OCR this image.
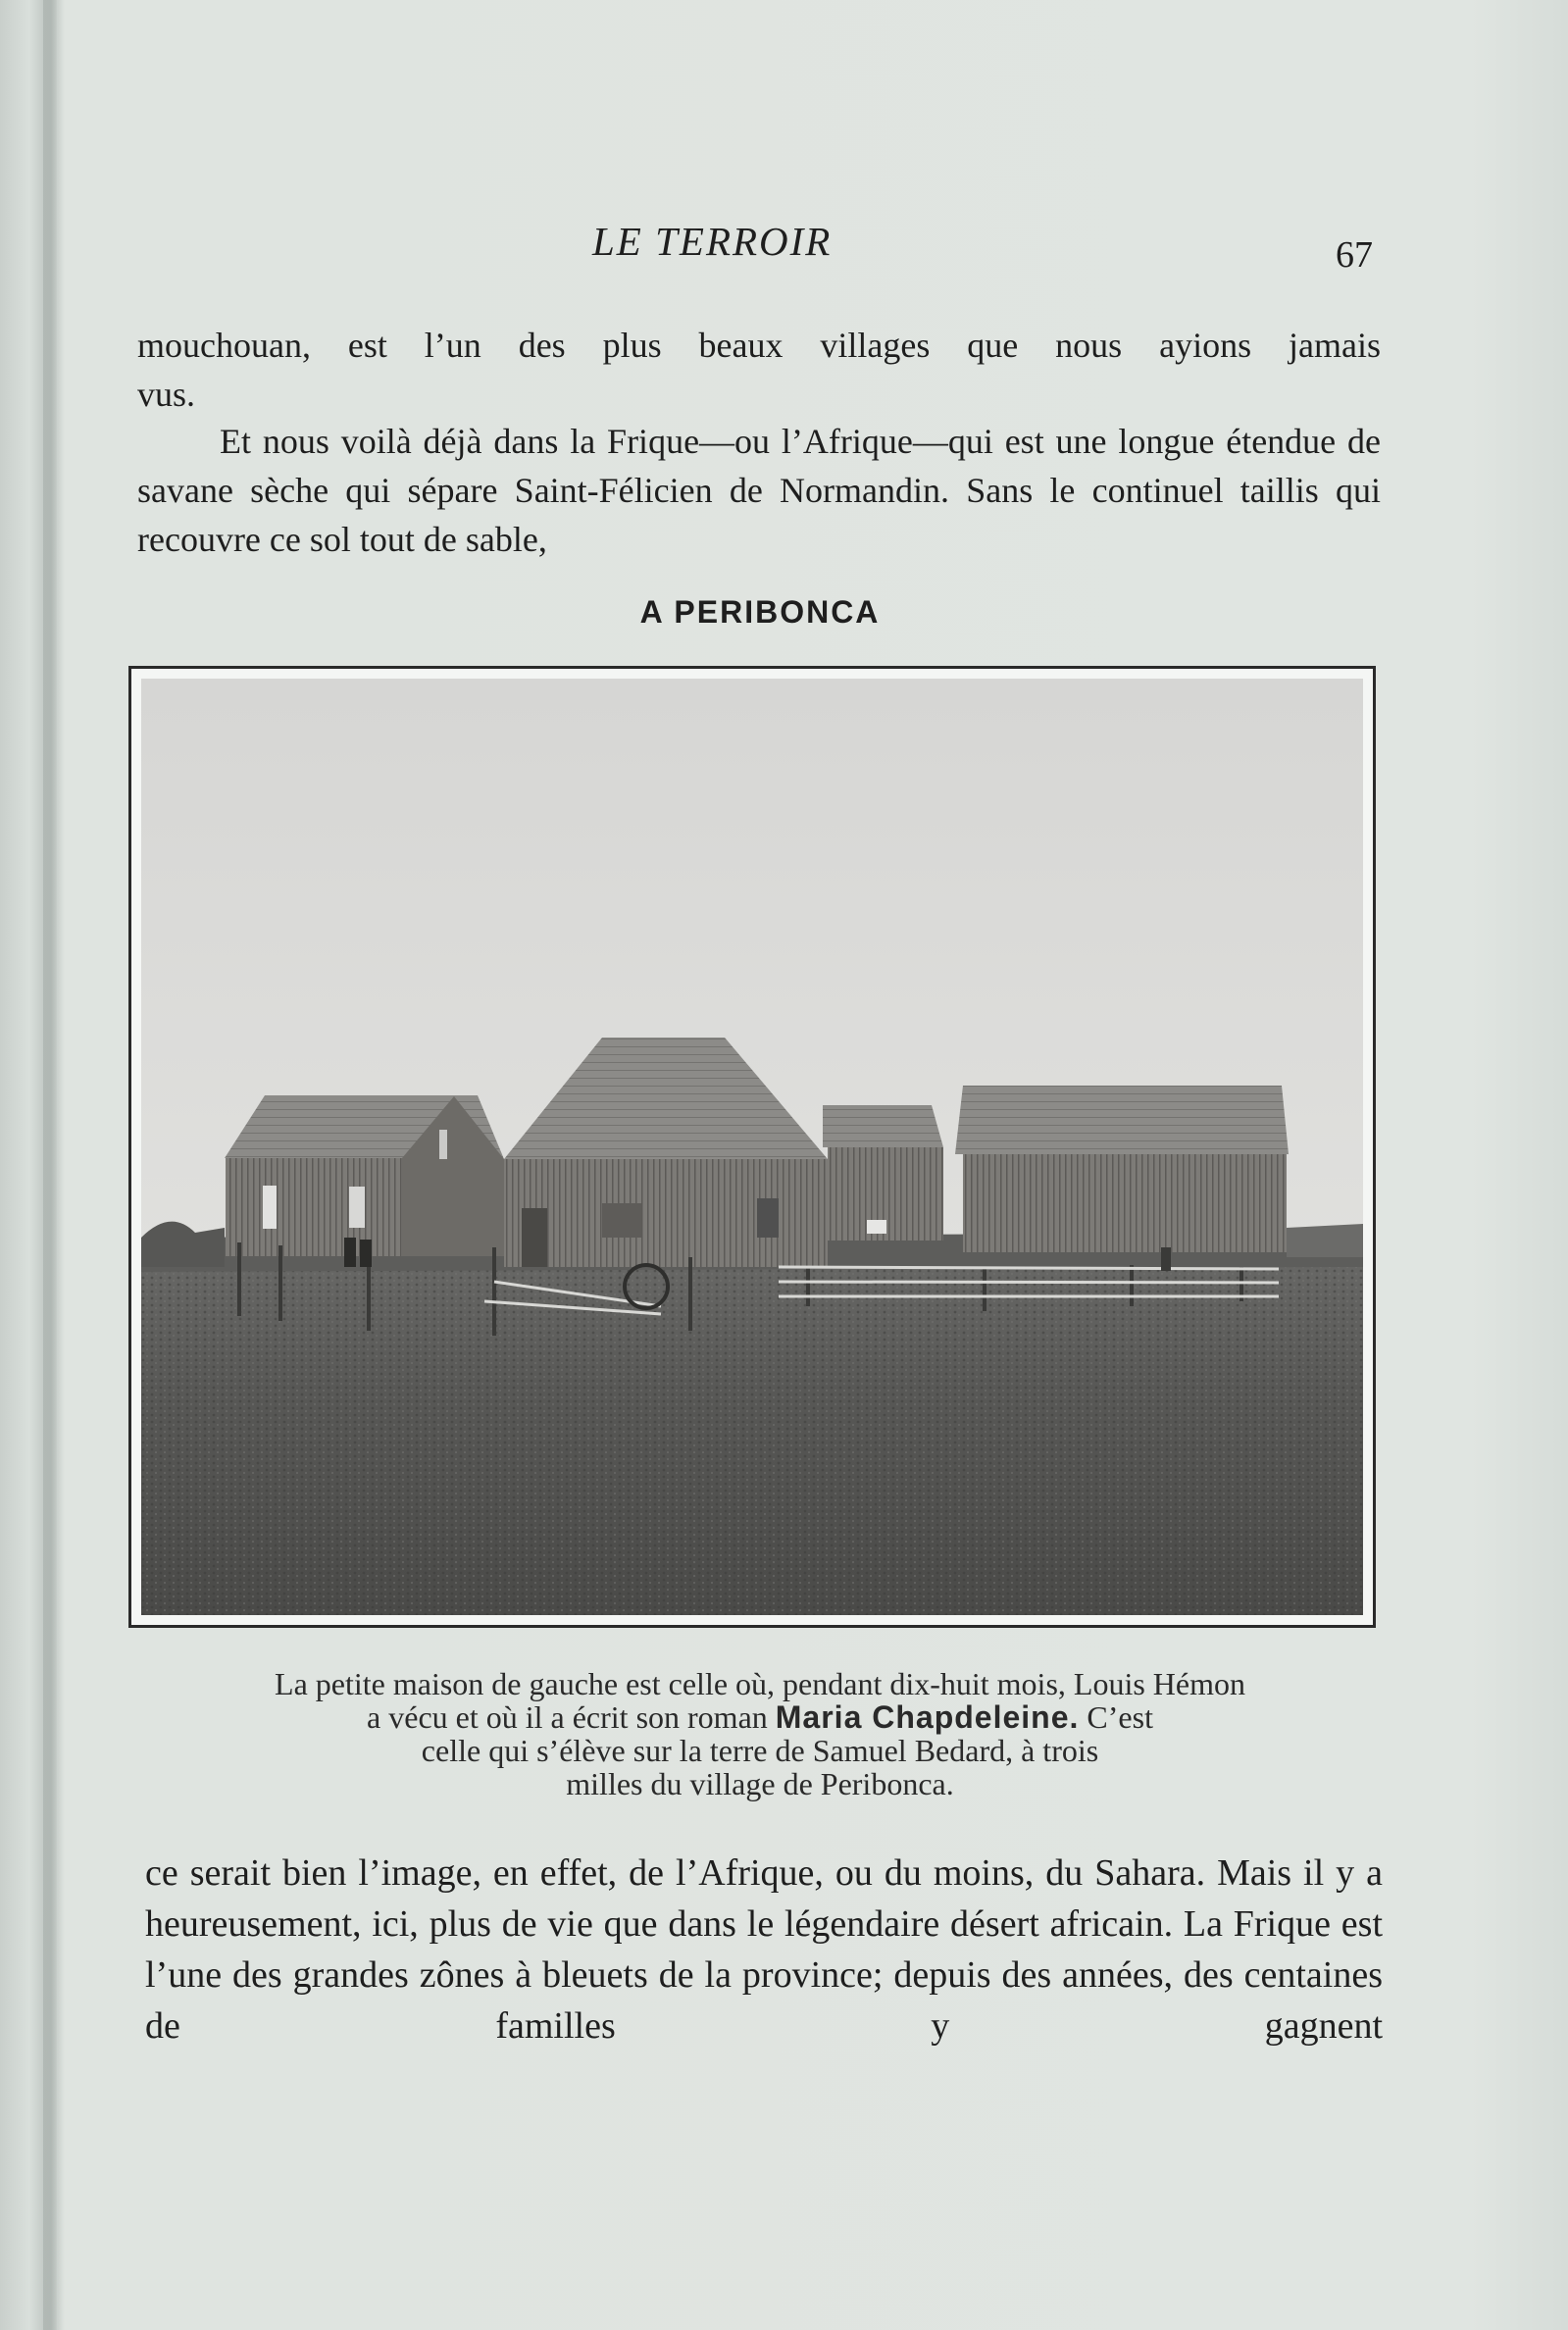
LE TERROIR	67

mouchouan, est l’un des plus beaux villages que nous ayions jamais

vus.

Et nous voilà déjà dans la Frique—ou l’Afrique—qui est une longue étendue de savane sèche qui sépare Saint-Félicien de Normandin. Sans le continuel taillis qui recouvre ce sol tout de sable,

A PERIBONCA
La petite maison de gauche est celle où, pendant dix-huit mois, Louis Hémon
a vécu et où il a écrit son roman Maria Chapdeleine. C’est
celle qui s’élève sur la terre de Samuel Bedard, à trois
milles du village de Peribonca.

ce serait bien l’image, en effet, de l’Afrique, ou du moins, du Sahara. Mais il y a heureusement, ici, plus de vie que dans le légendaire désert africain. La Frique est l’une des grandes zônes à bleuets de la province; depuis des années, des centaines de familles y gagnent
